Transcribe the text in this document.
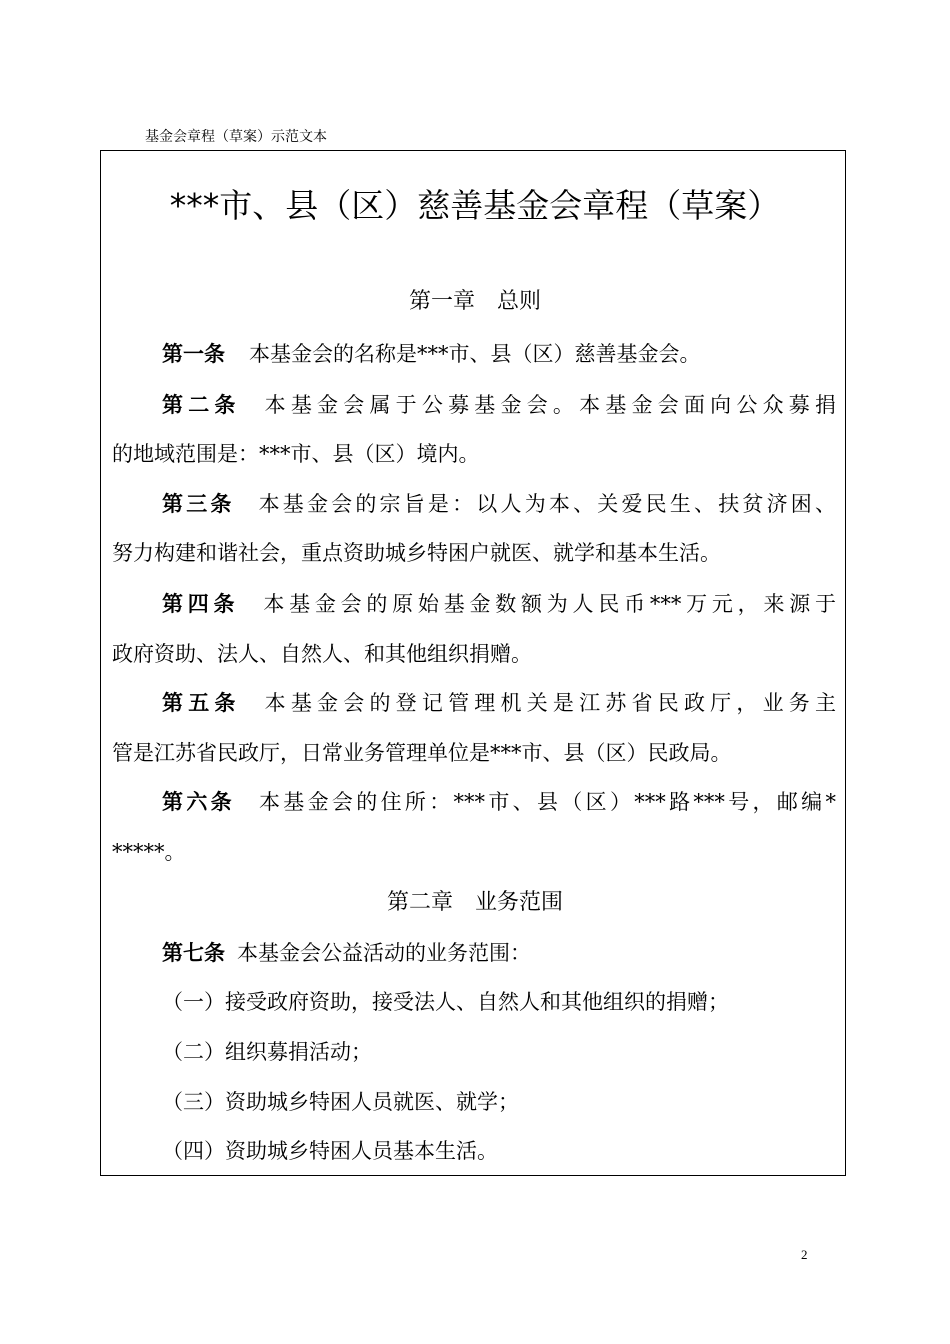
基金会章程（草案）示范文本
***市、县（区）慈善基金会章程（草案）
第一章　总则
第一条 本基金会的名称是***市、县（区）慈善基金会。
第二条 本基金会属于公募基金会。本基金会面向公众募捐
的地域范围是：***市、县（区）境内。
第三条 本基金会的宗旨是：以人为本、关爱民生、扶贫济困、
努力构建和谐社会，重点资助城乡特困户就医、就学和基本生活。
第四条 本基金会的原始基金数额为人民币***万元，来源于
政府资助、法人、自然人、和其他组织捐赠。
第五条 本基金会的登记管理机关是江苏省民政厅，业务主
管是江苏省民政厅，日常业务管理单位是***市、县（区）民政局。
第六条 本基金会的住所：***市、县（区）***路***号，邮编*
*****。
第二章　业务范围
第七条 本基金会公益活动的业务范围：
（一）接受政府资助，接受法人、自然人和其他组织的捐赠；
（二）组织募捐活动；
（三）资助城乡特困人员就医、就学；
（四）资助城乡特困人员基本生活。
2
